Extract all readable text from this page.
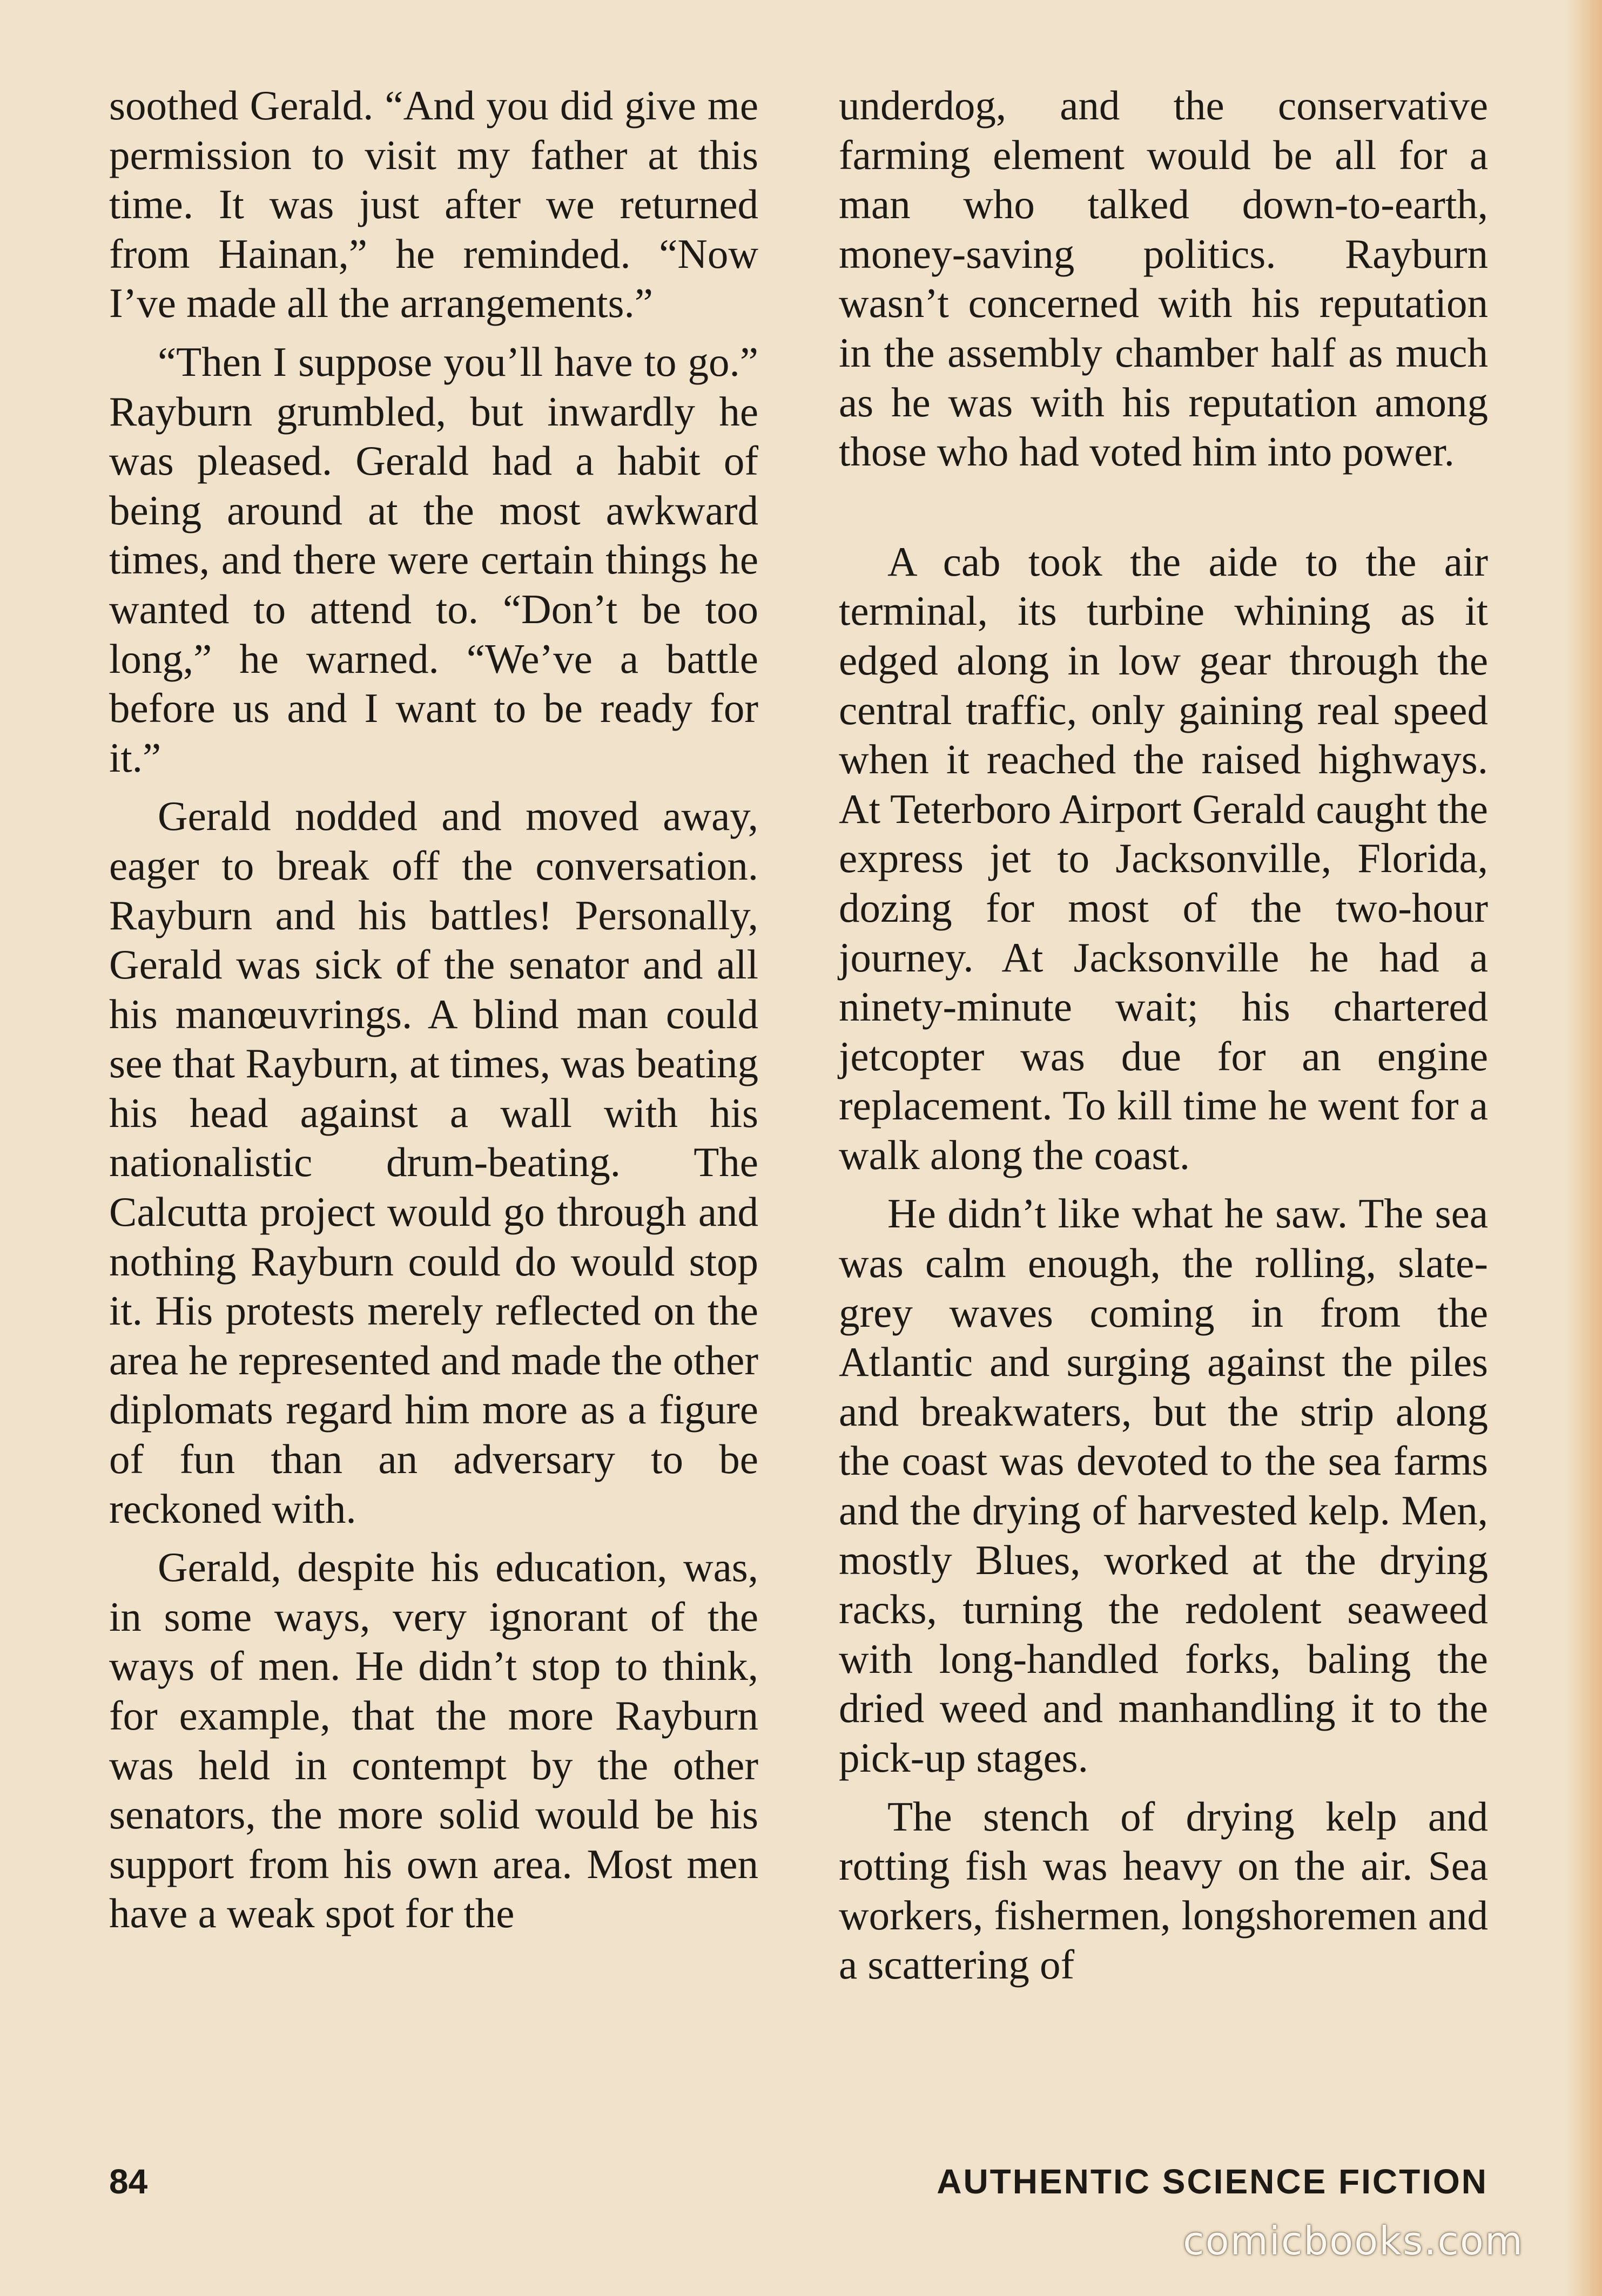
soothed Gerald. “And you did give me permission to visit my father at this time. It was just after we returned from Hainan,” he reminded. “Now I’ve made all the arrangements.”

“Then I suppose you’ll have to go.” Rayburn grumbled, but inwardly he was pleased. Gerald had a habit of being around at the most awkward times, and there were certain things he wanted to attend to. “Don’t be too long,” he warned. “We’ve a battle before us and I want to be ready for it.”

Gerald nodded and moved away, eager to break off the conversation. Rayburn and his battles! Personally, Gerald was sick of the senator and all his manœuvrings. A blind man could see that Rayburn, at times, was beating his head against a wall with his nationalistic drum-beating. The Calcutta project would go through and nothing Rayburn could do would stop it. His protests merely reflected on the area he represented and made the other diplomats regard him more as a figure of fun than an adversary to be reckoned with.

Gerald, despite his education, was, in some ways, very ignorant of the ways of men. He didn’t stop to think, for example, that the more Rayburn was held in contempt by the other senators, the more solid would be his support from his own area. Most men have a weak spot for the

underdog, and the conservative farming element would be all for a man who talked down-to-earth, money-saving politics. Rayburn wasn’t concerned with his reputation in the assembly chamber half as much as he was with his reputation among those who had voted him into power.

A cab took the aide to the air terminal, its turbine whining as it edged along in low gear through the central traffic, only gaining real speed when it reached the raised highways. At Teterboro Airport Gerald caught the express jet to Jacksonville, Florida, dozing for most of the two-hour journey. At Jacksonville he had a ninety-minute wait; his chartered jetcopter was due for an engine replacement. To kill time he went for a walk along the coast.

He didn’t like what he saw. The sea was calm enough, the rolling, slate-grey waves coming in from the Atlantic and surging against the piles and breakwaters, but the strip along the coast was devoted to the sea farms and the drying of harvested kelp. Men, mostly Blues, worked at the drying racks, turning the redolent seaweed with long-handled forks, baling the dried weed and manhandling it to the pick-up stages.

The stench of drying kelp and rotting fish was heavy on the air. Sea workers, fishermen, longshoremen and a scattering of

84	AUTHENTIC SCIENCE FICTION
comicbooks.com
